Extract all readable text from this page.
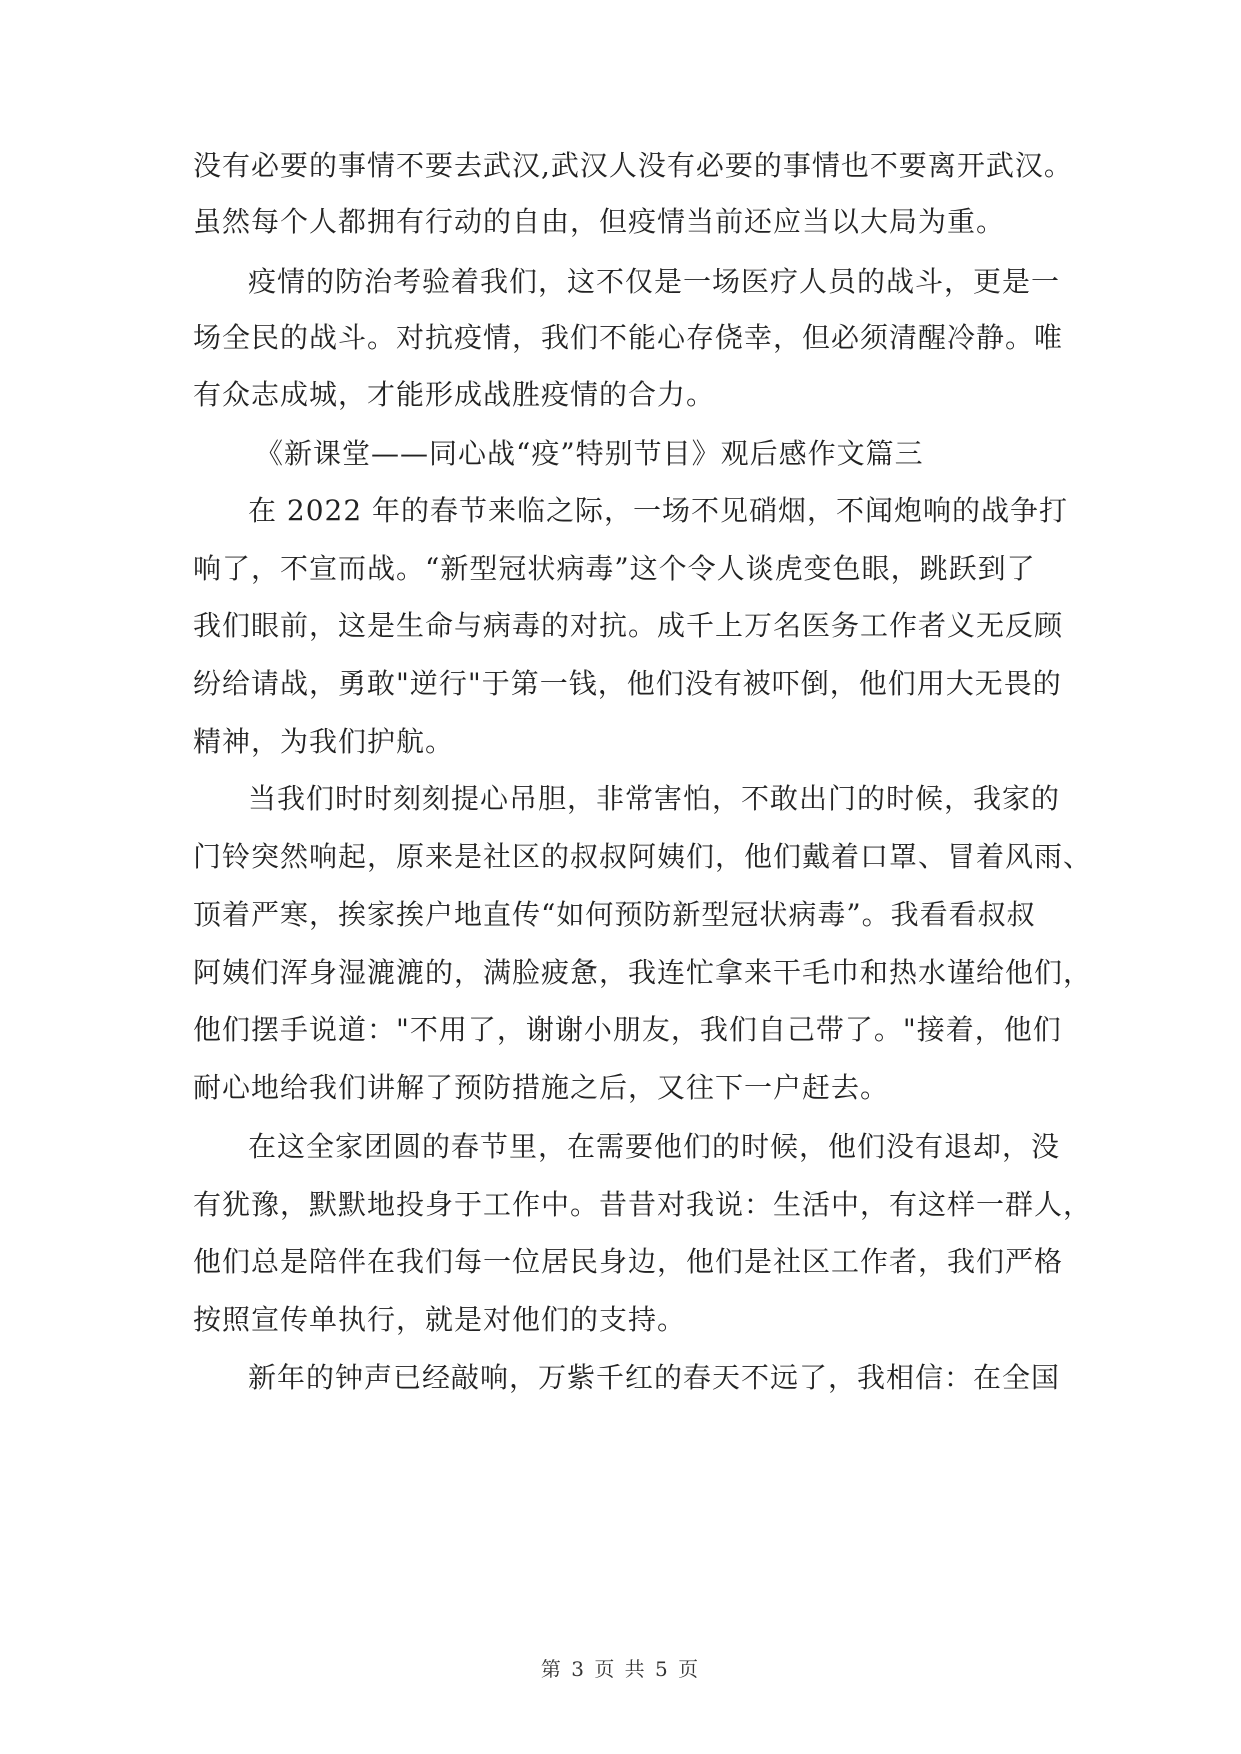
没有必要的事情不要去武汉,武汉人没有必要的事情也不要离开武汉。
虽然每个人都拥有行动的自由，但疫情当前还应当以大局为重。
疫情的防治考验着我们，这不仅是一场医疗人员的战斗，更是一
场全民的战斗。对抗疫情，我们不能心存侥幸，但必须清醒冷静。唯
有众志成城，才能形成战胜疫情的合力。
《新课堂——同心战“疫”特别节目》观后感作文篇三
在 2022 年的春节来临之际，一场不见硝烟，不闻炮响的战争打
响了，不宣而战。“新型冠状病毒”这个令人谈虎变色眼，跳跃到了
我们眼前，这是生命与病毒的对抗。成千上万名医务工作者义无反顾
纷给请战，勇敢"逆行"于第一钱，他们没有被吓倒，他们用大无畏的
精神，为我们护航。
当我们时时刻刻提心吊胆，非常害怕，不敢出门的时候，我家的
门铃突然响起，原来是社区的叔叔阿姨们，他们戴着口罩、冒着风雨、
顶着严寒，挨家挨户地直传“如何预防新型冠状病毒”。我看看叔叔
阿姨们浑身湿漉漉的，满脸疲惫，我连忙拿来干毛巾和热水谨给他们，
他们摆手说道："不用了，谢谢小朋友，我们自己带了。"接着，他们
耐心地给我们讲解了预防措施之后，又往下一户赶去。
在这全家团圆的春节里，在需要他们的时候，他们没有退却，没
有犹豫，默默地投身于工作中。昔昔对我说：生活中，有这样一群人，
他们总是陪伴在我们每一位居民身边，他们是社区工作者，我们严格
按照宣传单执行，就是对他们的支持。
新年的钟声已经敲响，万紫千红的春天不远了，我相信：在全国
第 3 页 共 5 页
